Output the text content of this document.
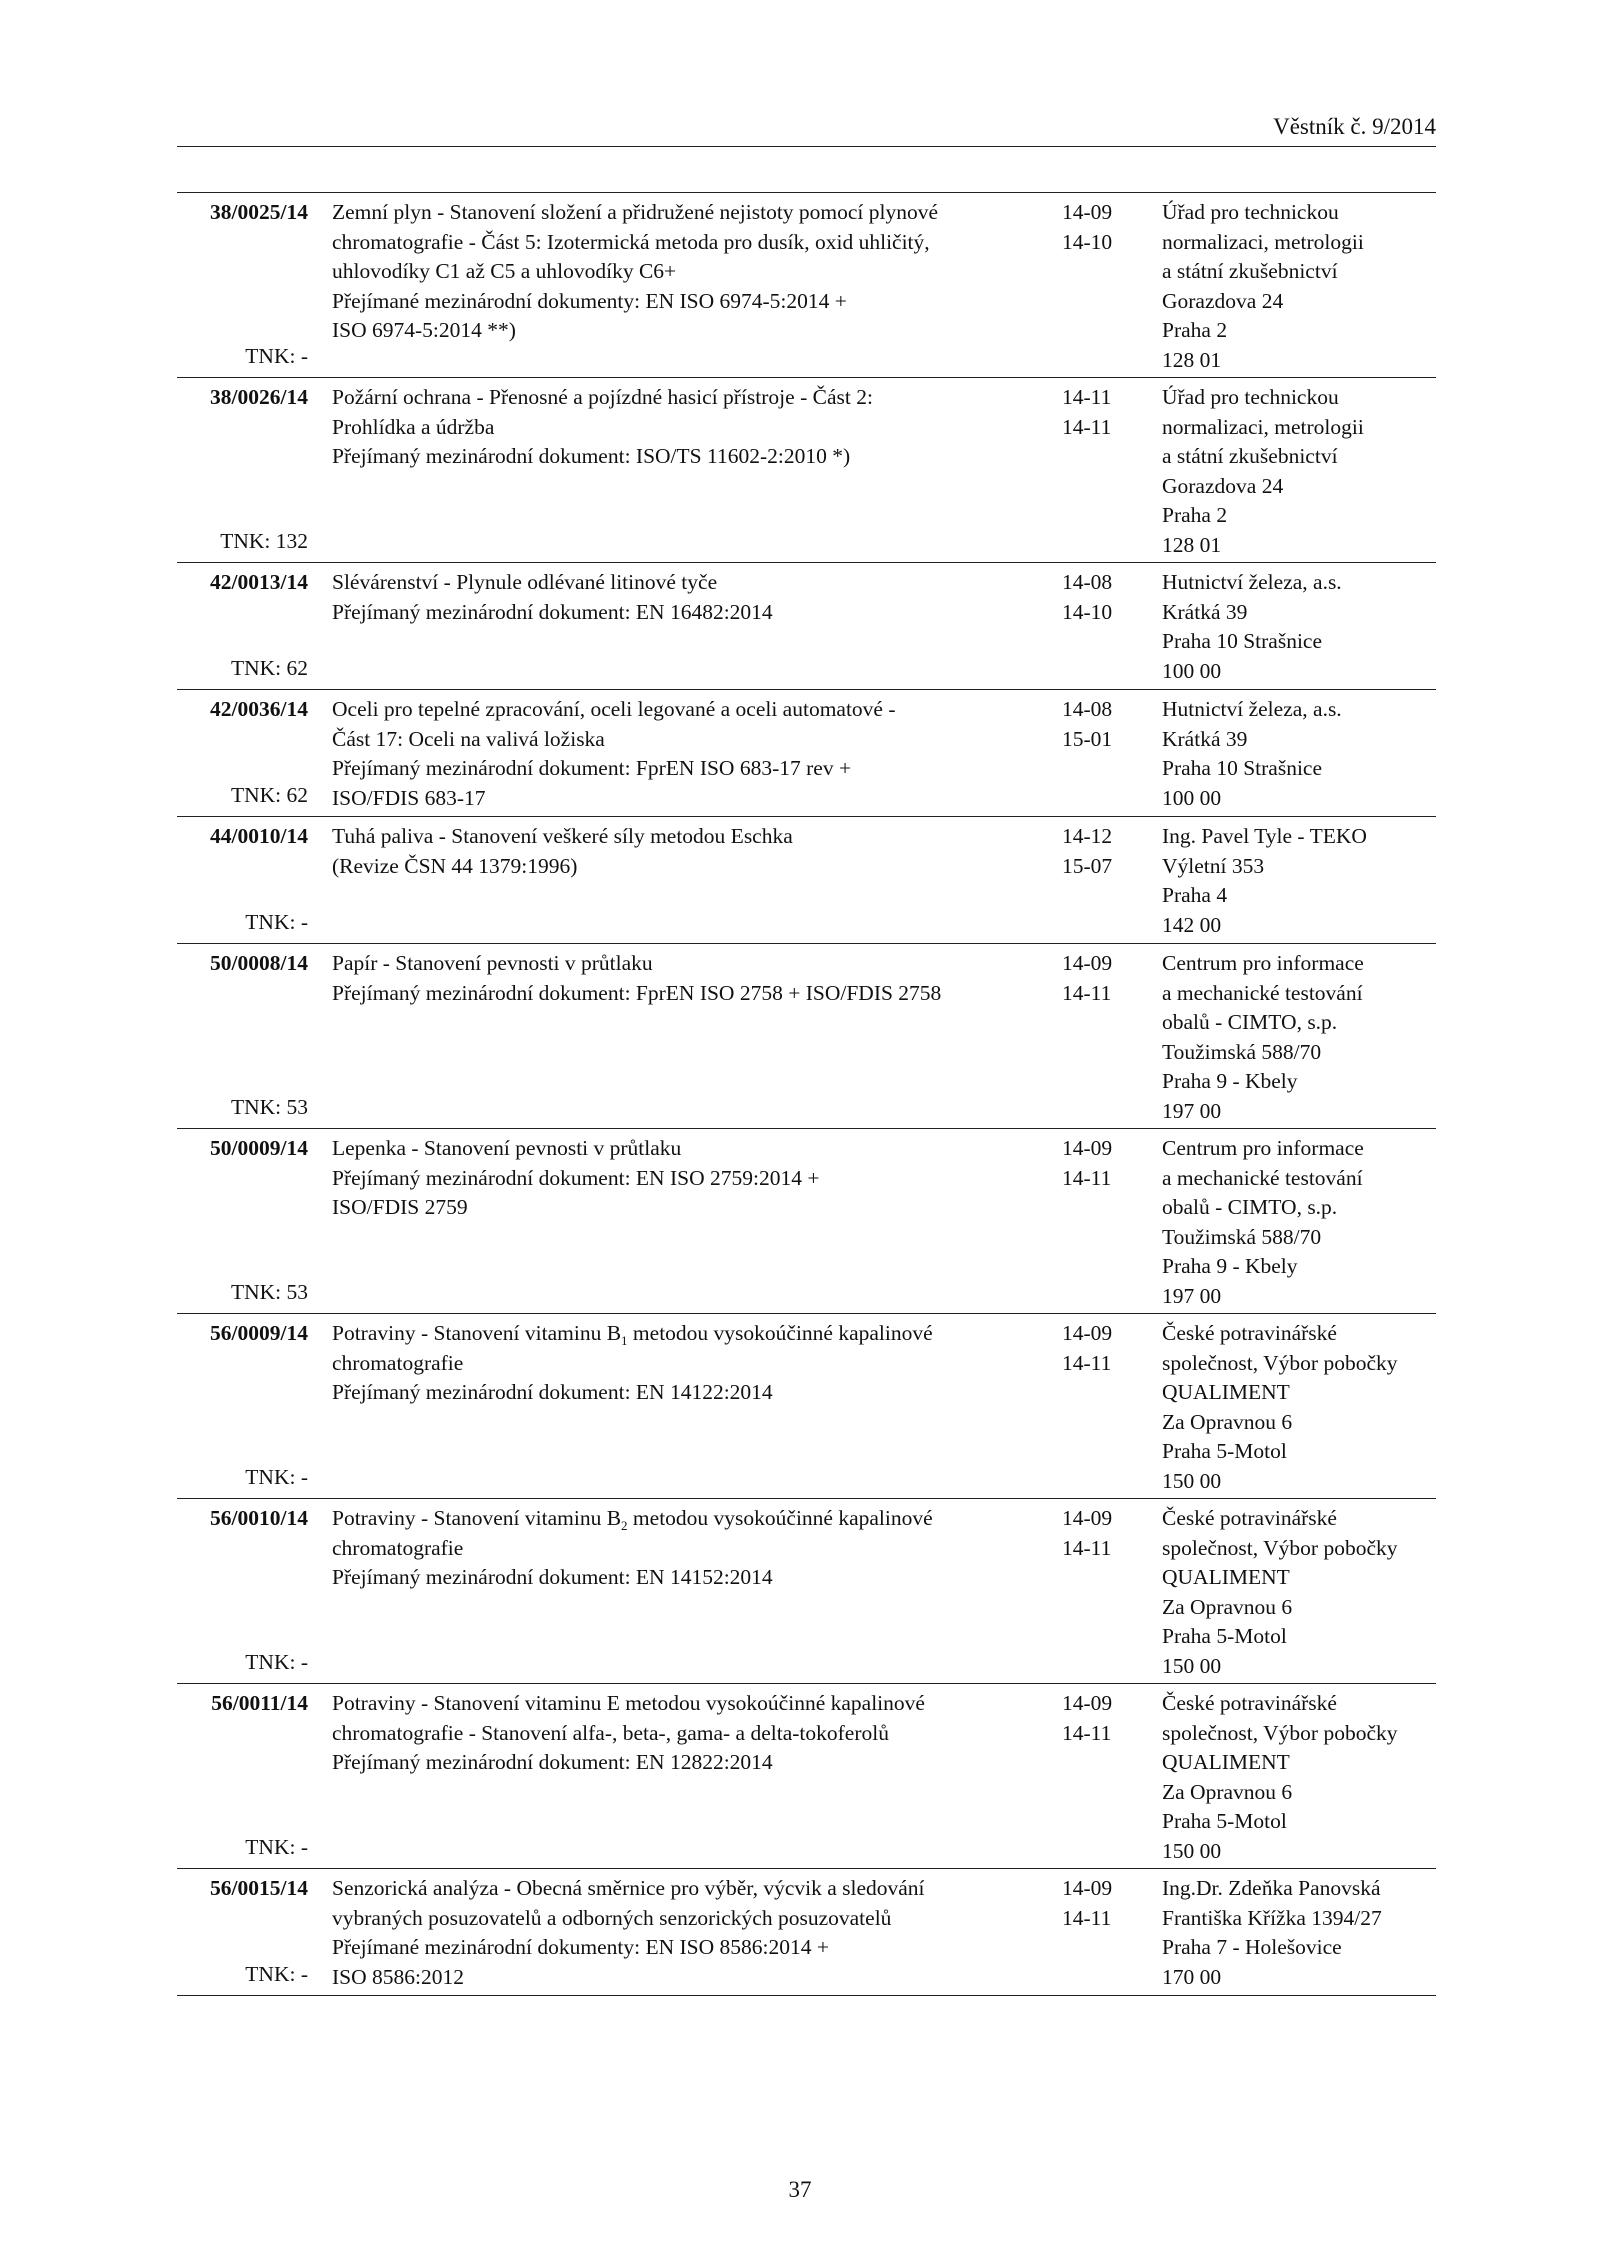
Věstník č. 9/2014
38/0025/14
TNK: -
Zemní plyn - Stanovení složení a přidružené nejistoty pomocí plynové
chromatografie - Část 5: Izotermická metoda pro dusík, oxid uhličitý,
uhlovodíky C1 až C5 a uhlovodíky C6+
Přejímané mezinárodní dokumenty: EN ISO 6974-5:2014 +
ISO 6974-5:2014 **)
14-09
14-10
Úřad pro technickou
normalizaci, metrologii
a státní zkušebnictví
Gorazdova 24
Praha 2
128 01
38/0026/14
TNK: 132
Požární ochrana - Přenosné a pojízdné hasicí přístroje - Část 2:
Prohlídka a údržba
Přejímaný mezinárodní dokument: ISO/TS 11602-2:2010 *)
14-11
14-11
Úřad pro technickou
normalizaci, metrologii
a státní zkušebnictví
Gorazdova 24
Praha 2
128 01
42/0013/14
TNK: 62
Slévárenství - Plynule odlévané litinové tyče
Přejímaný mezinárodní dokument: EN 16482:2014
14-08
14-10
Hutnictví železa, a.s.
Krátká 39
Praha 10 Strašnice
100 00
42/0036/14
TNK: 62
Oceli pro tepelné zpracování, oceli legované a oceli automatové -
Část 17: Oceli na valivá ložiska
Přejímaný mezinárodní dokument: FprEN ISO 683-17 rev +
ISO/FDIS 683-17
14-08
15-01
Hutnictví železa, a.s.
Krátká 39
Praha 10 Strašnice
100 00
44/0010/14
TNK: -
Tuhá paliva - Stanovení veškeré síly metodou Eschka
(Revize ČSN 44 1379:1996)
14-12
15-07
Ing. Pavel Tyle - TEKO
Výletní 353
Praha 4
142 00
50/0008/14
TNK: 53
Papír - Stanovení pevnosti v průtlaku
Přejímaný mezinárodní dokument: FprEN ISO 2758 + ISO/FDIS 2758
14-09
14-11
Centrum pro informace
a mechanické testování
obalů - CIMTO, s.p.
Toužimská 588/70
Praha 9 - Kbely
197 00
50/0009/14
TNK: 53
Lepenka - Stanovení pevnosti v průtlaku
Přejímaný mezinárodní dokument: EN ISO 2759:2014 +
ISO/FDIS 2759
14-09
14-11
Centrum pro informace
a mechanické testování
obalů - CIMTO, s.p.
Toužimská 588/70
Praha 9 - Kbely
197 00
56/0009/14
TNK: -
Potraviny - Stanovení vitaminu $B_1$ metodou vysokoúčinné kapalinové
chromatografie
Přejímaný mezinárodní dokument: EN 14122:2014
14-09
14-11
České potravinářské
společnost, Výbor pobočky
QUALIMENT
Za Opravnou 6
Praha 5-Motol
150 00
56/0010/14
TNK: -
Potraviny - Stanovení vitaminu $B_2$ metodou vysokoúčinné kapalinové
chromatografie
Přejímaný mezinárodní dokument: EN 14152:2014
14-09
14-11
České potravinářské
společnost, Výbor pobočky
QUALIMENT
Za Opravnou 6
Praha 5-Motol
150 00
56/0011/14
TNK: -
Potraviny - Stanovení vitaminu E metodou vysokoúčinné kapalinové
chromatografie - Stanovení alfa-, beta-, gama- a delta-tokoferolů
Přejímaný mezinárodní dokument: EN 12822:2014
14-09
14-11
České potravinářské
společnost, Výbor pobočky
QUALIMENT
Za Opravnou 6
Praha 5-Motol
150 00
56/0015/14
TNK: -
Senzorická analýza - Obecná směrnice pro výběr, výcvik a sledování
vybraných posuzovatelů a odborných senzorických posuzovatelů
Přejímané mezinárodní dokumenty: EN ISO 8586:2014 +
ISO 8586:2012
14-09
14-11
Ing.Dr. Zdeňka Panovská
Františka Křížka 1394/27
Praha 7 - Holešovice
170 00
37
